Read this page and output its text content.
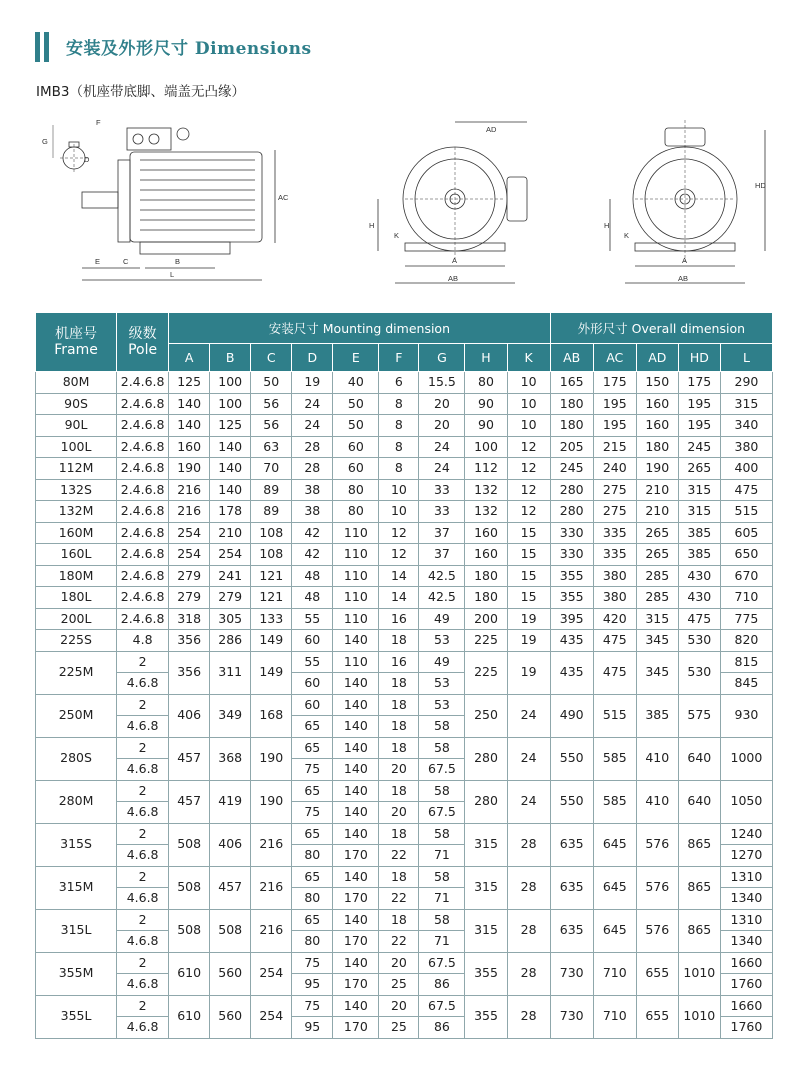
安装及外形尺寸 Dimensions
IMB3（机座带底脚、端盖无凸缘）
F
G
D
E	C	B
L
AC
AD
H
K
A
AB
HD
H
K
A
AB
机座号
Frame	级数
Pole	安装尺寸 Mounting dimension									外形尺寸 Overall dimension				
		A	B	C	D	E	F	G	H	K	AB	AC	AD	HD	L
80M	2.4.6.8	125	100	50	19	40	6	15.5	80	10	165	175	150	175	290
90S	2.4.6.8	140	100	56	24	50	8	20	90	10	180	195	160	195	315
90L	2.4.6.8	140	125	56	24	50	8	20	90	10	180	195	160	195	340
100L	2.4.6.8	160	140	63	28	60	8	24	100	12	205	215	180	245	380
112M	2.4.6.8	190	140	70	28	60	8	24	112	12	245	240	190	265	400
132S	2.4.6.8	216	140	89	38	80	10	33	132	12	280	275	210	315	475
132M	2.4.6.8	216	178	89	38	80	10	33	132	12	280	275	210	315	515
160M	2.4.6.8	254	210	108	42	110	12	37	160	15	330	335	265	385	605
160L	2.4.6.8	254	254	108	42	110	12	37	160	15	330	335	265	385	650
180M	2.4.6.8	279	241	121	48	110	14	42.5	180	15	355	380	285	430	670
180L	2.4.6.8	279	279	121	48	110	14	42.5	180	15	355	380	285	430	710
200L	2.4.6.8	318	305	133	55	110	16	49	200	19	395	420	315	475	775
225S	4.8	356	286	149	60	140	18	53	225	19	435	475	345	530	820
225M	2	356	311	149	55	110	16	49	225	19	435	475	345	530	815
	4.6.8				60	140	18	53							845
250M	2	406	349	168	60	140	18	53	250	24	490	515	385	575	930
	4.6.8				65	140	18	58							
280S	2	457	368	190	65	140	18	58	280	24	550	585	410	640	1000
	4.6.8				75	140	20	67.5							
280M	2	457	419	190	65	140	18	58	280	24	550	585	410	640	1050
	4.6.8				75	140	20	67.5							
315S	2	508	406	216	65	140	18	58	315	28	635	645	576	865	1240
	4.6.8				80	170	22	71							1270
315M	2	508	457	216	65	140	18	58	315	28	635	645	576	865	1310
	4.6.8				80	170	22	71							1340
315L	2	508	508	216	65	140	18	58	315	28	635	645	576	865	1310
	4.6.8				80	170	22	71							1340
355M	2	610	560	254	75	140	20	67.5	355	28	730	710	655	1010	1660
	4.6.8				95	170	25	86							1760
355L	2	610	560	254	75	140	20	67.5	355	28	730	710	655	1010	1660
	4.6.8				95	170	25	86							1760
